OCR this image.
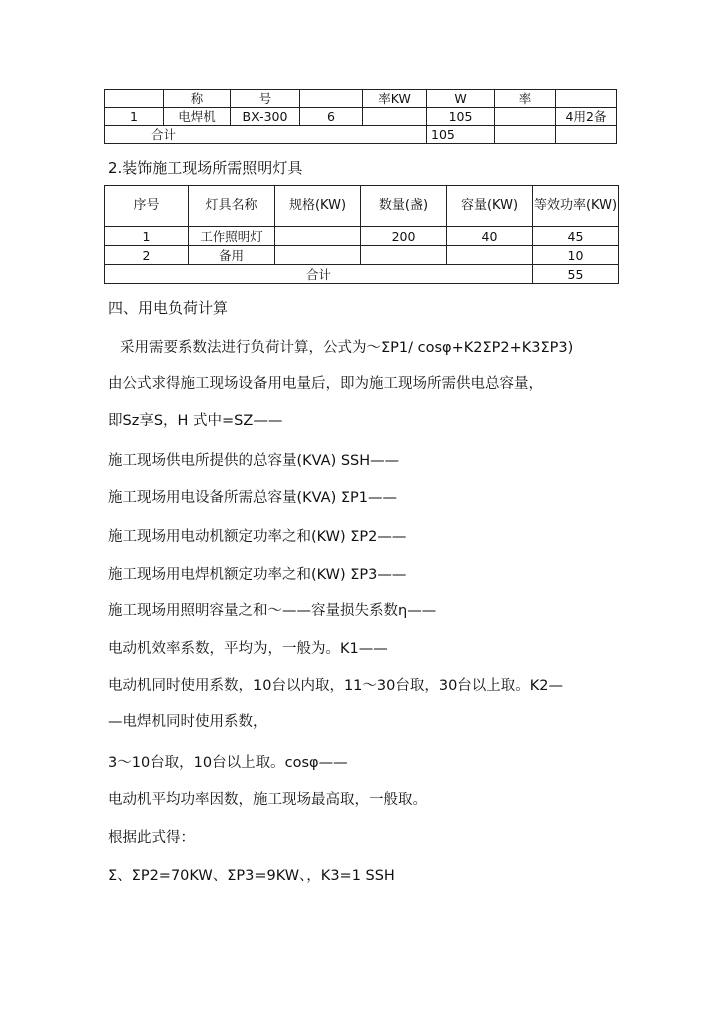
	称	号		率KW	W	率	
1	电焊机	BX-300	6		105		4用2备
合计					105		
2.装饰施工现场所需照明灯具
序号	灯具名称	规格(KW)	数量(盏)	容量(KW)	等效功率(KW)
1	工作照明灯		200	40	45
2	备用				10
合计					55
四、用电负荷计算
采用需要系数法进行负荷计算，公式为～ΣP1/ cosφ+K2ΣP2+K3ΣP3)
由公式求得施工现场设备用电量后，即为施工现场所需供电总容量，
即Sz享S，H 式中=SZ——
施工现场供电所提供的总容量(KVA) SSH——
施工现场用电设备所需总容量(KVA) ΣP1——
施工现场用电动机额定功率之和(KW) ΣP2——
施工现场用电焊机额定功率之和(KW) ΣP3——
施工现场用照明容量之和～——容量损失系数η——
电动机效率系数，平均为，一般为。K1——
电动机同时使用系数，10台以内取，11～30台取，30台以上取。K2—
—电焊机同时使用系数，
3～10台取，10台以上取。cosφ——
电动机平均功率因数，施工现场最高取，一般取。
根据此式得：
Σ、ΣP2=70KW、ΣP3=9KW、，K3=1 SSH
